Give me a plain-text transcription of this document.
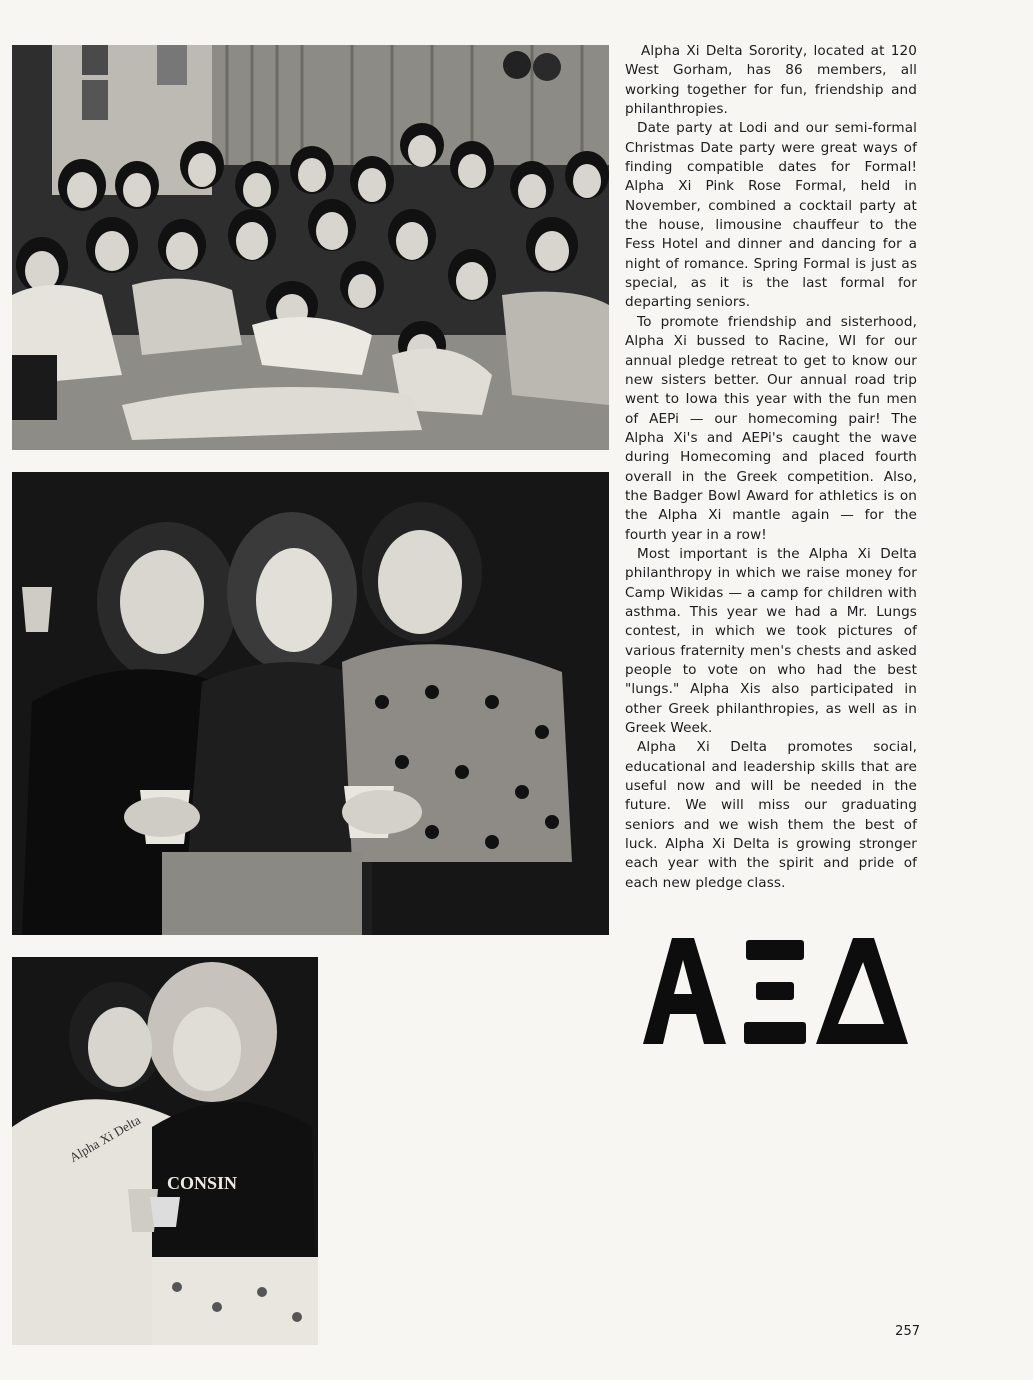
Alpha Xi Delta
CONSIN

Alpha Xi Delta Sorority, located at 120 West Gorham, has 86 members, all working together for fun, friendship and philanthropies.

Date party at Lodi and our semi-formal Christmas Date party were great ways of finding compatible dates for Formal! Alpha Xi Pink Rose Formal, held in November, combined a cocktail party at the house, limousine chauffeur to the Fess Hotel and dinner and dancing for a night of romance. Spring Formal is just as special, as it is the last formal for departing seniors.

To promote friendship and sisterhood, Alpha Xi bussed to Racine, WI for our annual pledge retreat to get to know our new sisters better. Our annual road trip went to Iowa this year with the fun men of AEPi — our homecoming pair! The Alpha Xi's and AEPi's caught the wave during Homecoming and placed fourth overall in the Greek competition. Also, the Badger Bowl Award for athletics is on the Alpha Xi mantle again — for the fourth year in a row!

Most important is the Alpha Xi Delta philanthropy in which we raise money for Camp Wikidas — a camp for children with asthma. This year we had a Mr. Lungs contest, in which we took pictures of various fraternity men's chests and asked people to vote on who had the best "lungs." Alpha Xis also participated in other Greek philanthropies, as well as in Greek Week.

Alpha Xi Delta promotes social, educational and leadership skills that are useful now and will be needed in the future. We will miss our graduating seniors and we wish them the best of luck. Alpha Xi Delta is growing stronger each year with the spirit and pride of each new pledge class.

257
